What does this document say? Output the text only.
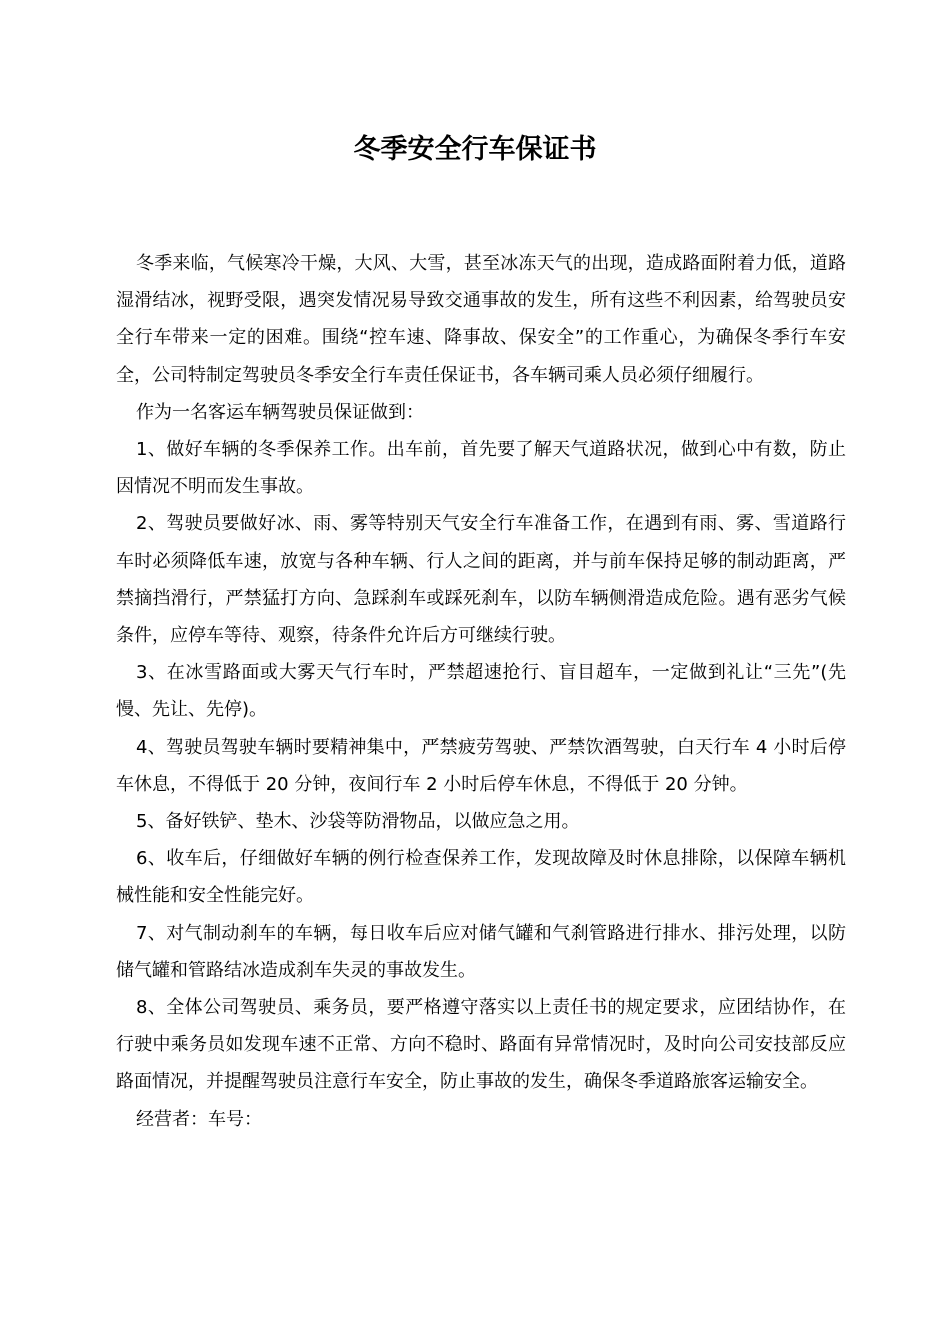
冬季安全行车保证书

冬季来临，气候寒冷干燥，大风、大雪，甚至冰冻天气的出现，造成路面附着力低，道路湿滑结冰，视野受限，遇突发情况易导致交通事故的发生，所有这些不利因素，给驾驶员安全行车带来一定的困难。围绕“控车速、降事故、保安全”的工作重心，为确保冬季行车安全，公司特制定驾驶员冬季安全行车责任保证书，各车辆司乘人员必须仔细履行。

作为一名客运车辆驾驶员保证做到：

1、做好车辆的冬季保养工作。出车前，首先要了解天气道路状况，做到心中有数，防止因情况不明而发生事故。

2、驾驶员要做好冰、雨、雾等特别天气安全行车准备工作，在遇到有雨、雾、雪道路行车时必须降低车速，放宽与各种车辆、行人之间的距离，并与前车保持足够的制动距离，严禁摘挡滑行，严禁猛打方向、急踩刹车或踩死刹车，以防车辆侧滑造成危险。遇有恶劣气候条件，应停车等待、观察，待条件允许后方可继续行驶。

3、在冰雪路面或大雾天气行车时，严禁超速抢行、盲目超车，一定做到礼让“三先”(先慢、先让、先停)。

4、驾驶员驾驶车辆时要精神集中，严禁疲劳驾驶、严禁饮酒驾驶，白天行车 4 小时后停车休息，不得低于 20 分钟，夜间行车 2 小时后停车休息，不得低于 20 分钟。

5、备好铁铲、垫木、沙袋等防滑物品，以做应急之用。

6、收车后，仔细做好车辆的例行检查保养工作，发现故障及时休息排除，以保障车辆机械性能和安全性能完好。

7、对气制动刹车的车辆，每日收车后应对储气罐和气刹管路进行排水、排污处理，以防储气罐和管路结冰造成刹车失灵的事故发生。

8、全体公司驾驶员、乘务员，要严格遵守落实以上责任书的规定要求，应团结协作，在行驶中乘务员如发现车速不正常、方向不稳时、路面有异常情况时，及时向公司安技部反应路面情况，并提醒驾驶员注意行车安全，防止事故的发生，确保冬季道路旅客运输安全。

经营者：车号：
